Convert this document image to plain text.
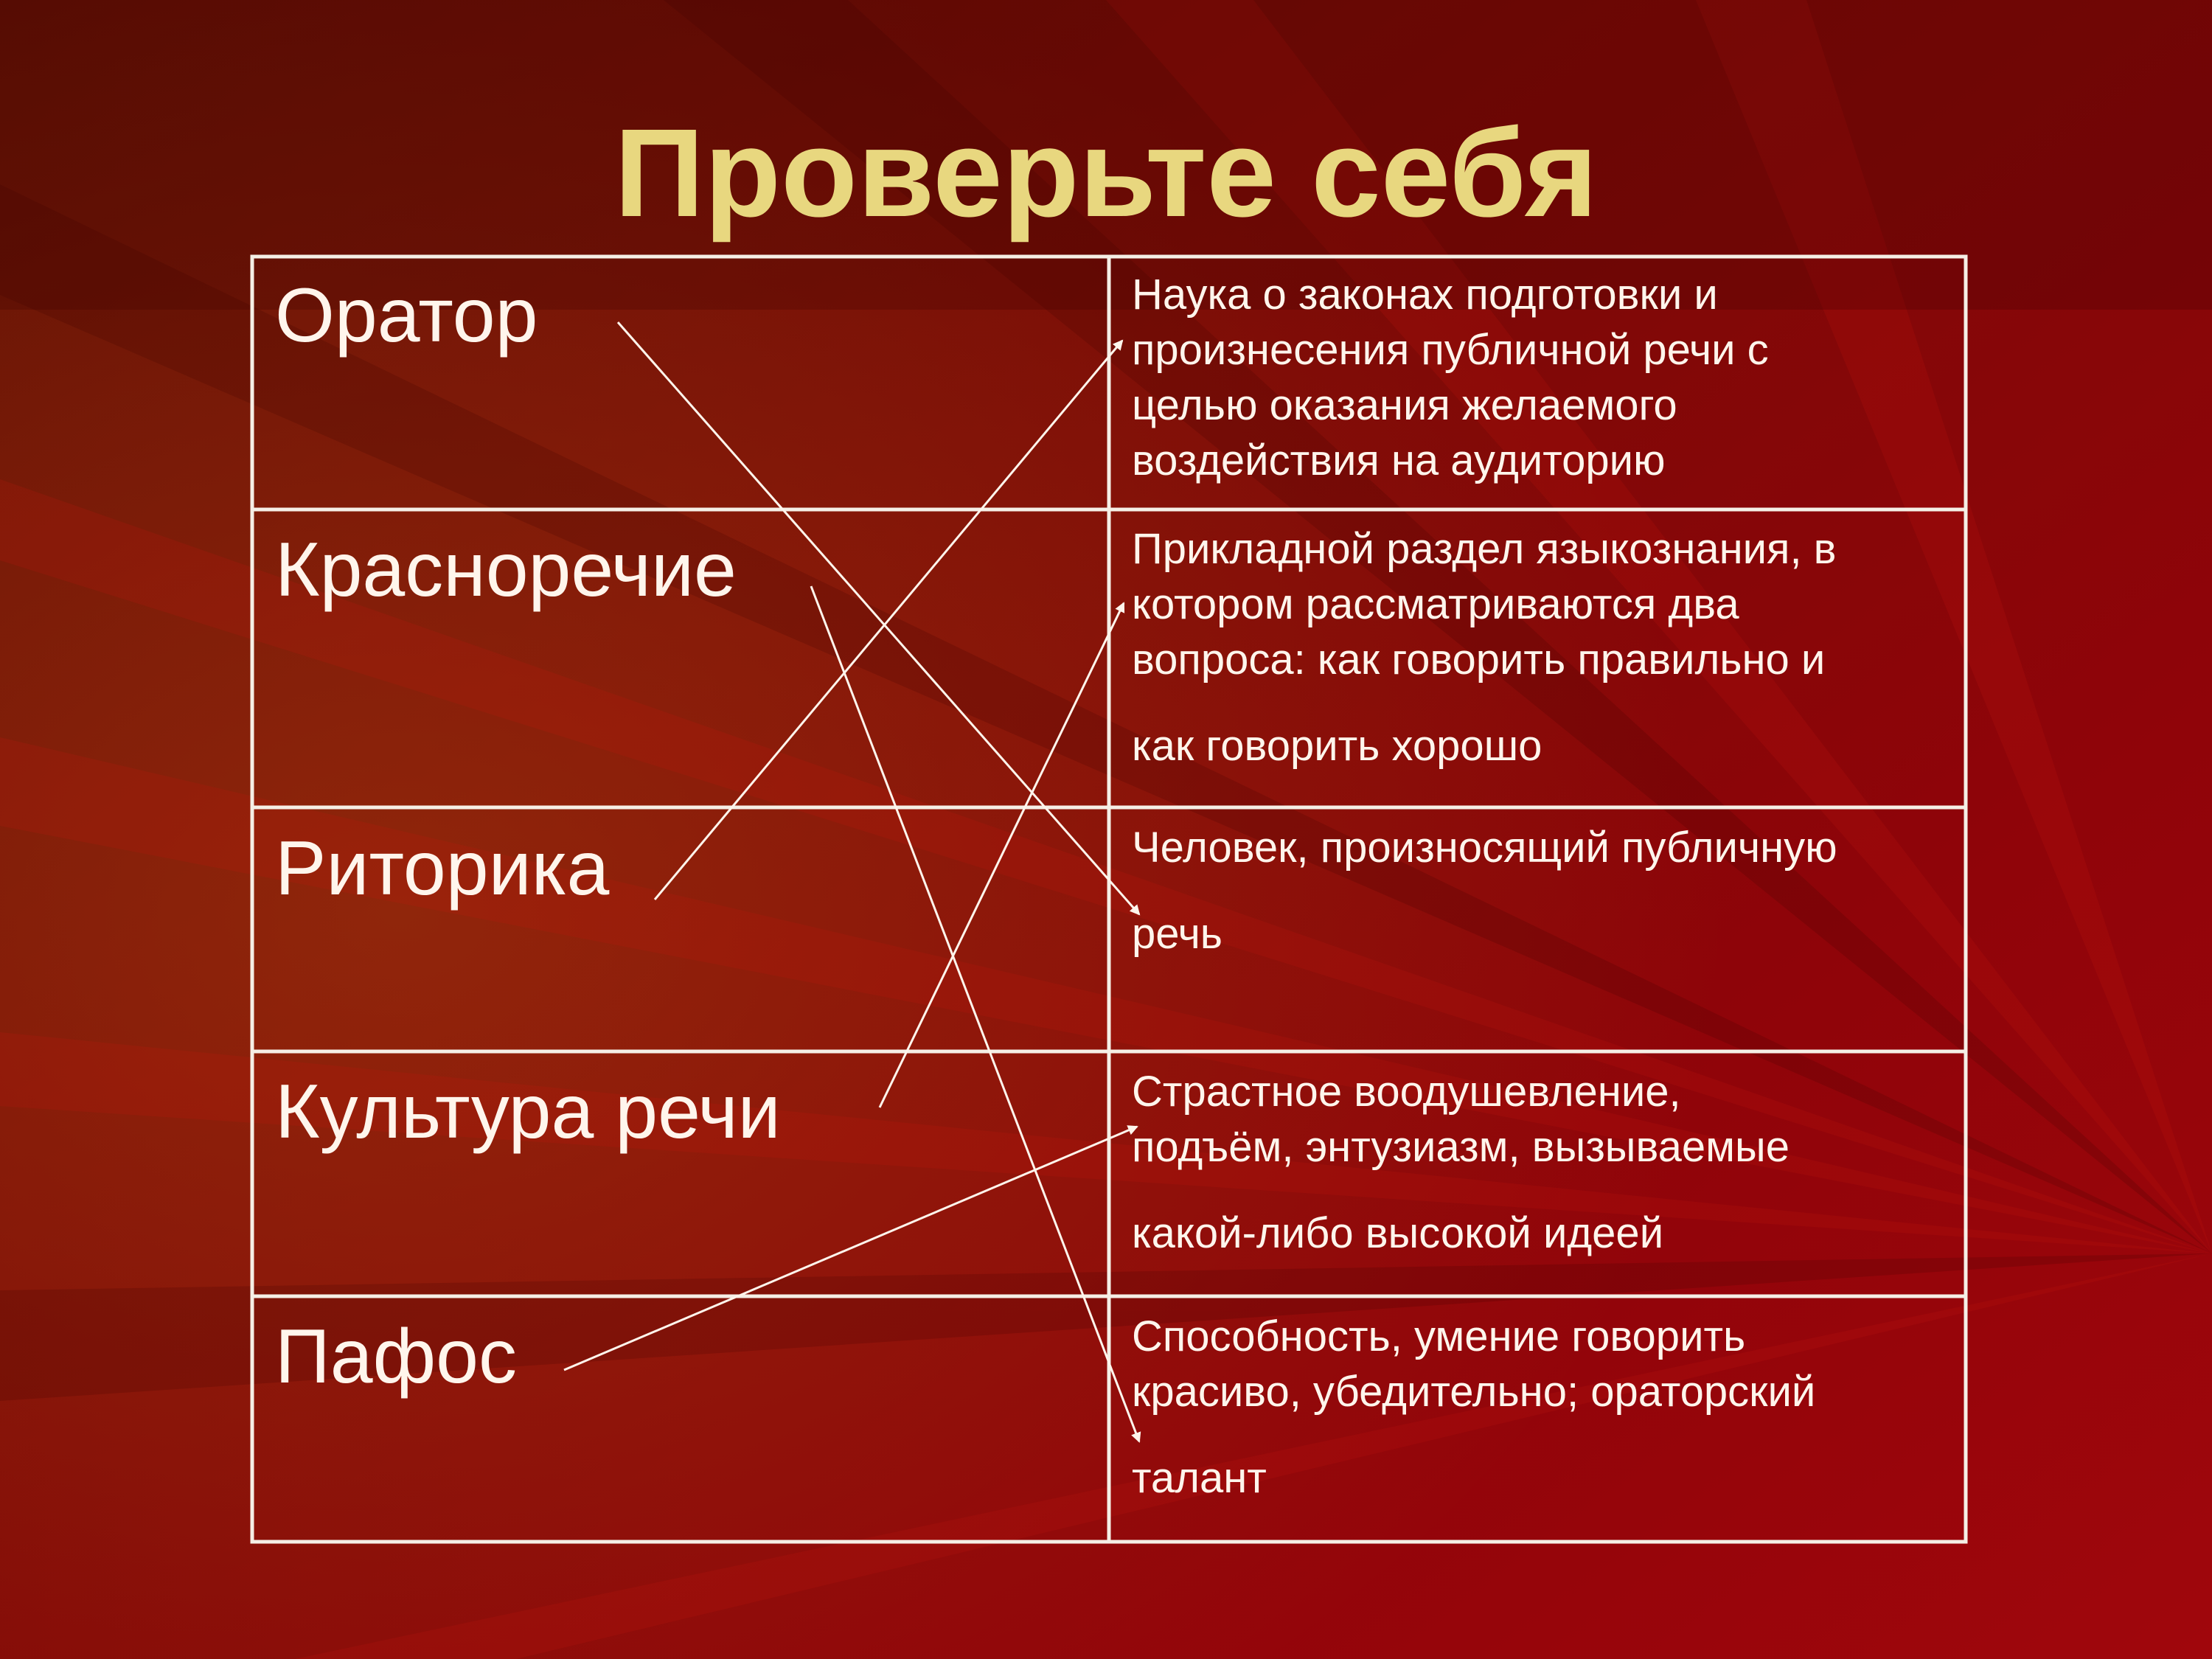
Проверьте себя
Оратор
Красноречие
Риторика
Культура речи
Пафос
Наука о законах подготовки и
произнесения публичной речи с
целью оказания желаемого
воздействия на аудиторию
Прикладной раздел языкознания, в
котором рассматриваются два
вопроса: как говорить правильно и
как говорить хорошо
Человек, произносящий публичную
речь
Страстное воодушевление,
подъём, энтузиазм, вызываемые
какой-либо высокой идеей
Способность, умение говорить
красиво, убедительно; ораторский
талант
